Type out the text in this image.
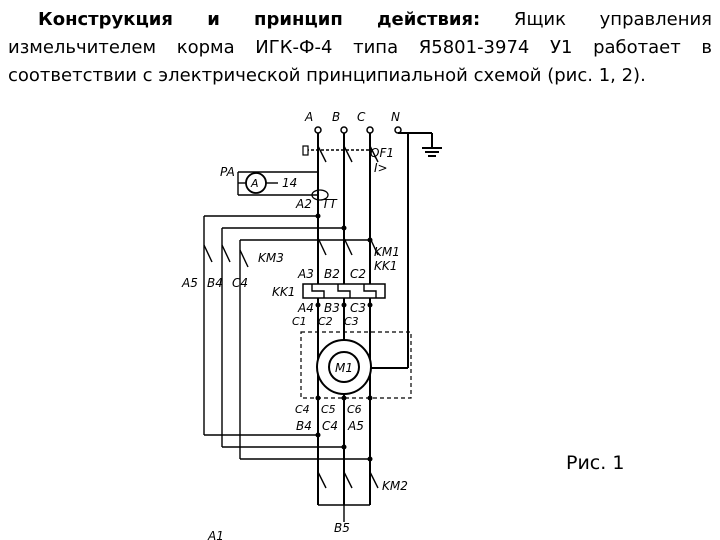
Конструкция и принцип действия: Ящик управления измельчителем корма ИГК-Ф-4 типа Я5801-3974 У1 работает в соответствии с электрической принципиальной схемой (рис. 1, 2).
A B C N
QF1
I>
PA
A 14
A2 TT
KM1
KK1
KM3
A5 B4 C4
A3 B2 C2
KK1
A4 B3 C3
C1 C2 C3
M1
C4 C5 C6
B4 C4 A5
KM2
B5
A1
Рис. 1
